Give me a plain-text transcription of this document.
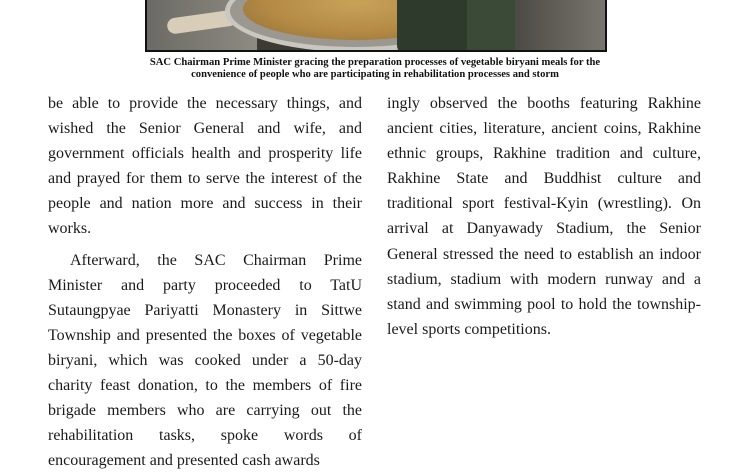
SAC Chairman Prime Minister gracing the preparation processes of vegetable biryani meals for the
convenience of people who are participating in rehabilitation processes and storm

be able to provide the necessary things, and wished the Senior General and wife, and government officials health and prosperity life and prayed for them to serve the interest of the people and nation more and success in their works.

Afterward, the SAC Chairman Prime Minister and party proceeded to TatU Sutaungpyae Pariyatti Monastery in Sittwe Township and presented the boxes of vegetable biryani, which was cooked under a 50-day charity feast donation, to the members of fire brigade members who are carrying out the rehabilitation tasks, spoke words of encouragement and presented cash awards

ingly observed the booths featuring Rakhine ancient cities, literature, ancient coins, Rakhine ethnic groups, Rakhine tradition and culture, Rakhine State and Buddhist culture and traditional sport festival-Kyin (wrestling). On arrival at Danyawady Stadium, the Senior General stressed the need to establish an indoor stadium, stadium with modern runway and a stand and swimming pool to hold the township-level sports competitions.
